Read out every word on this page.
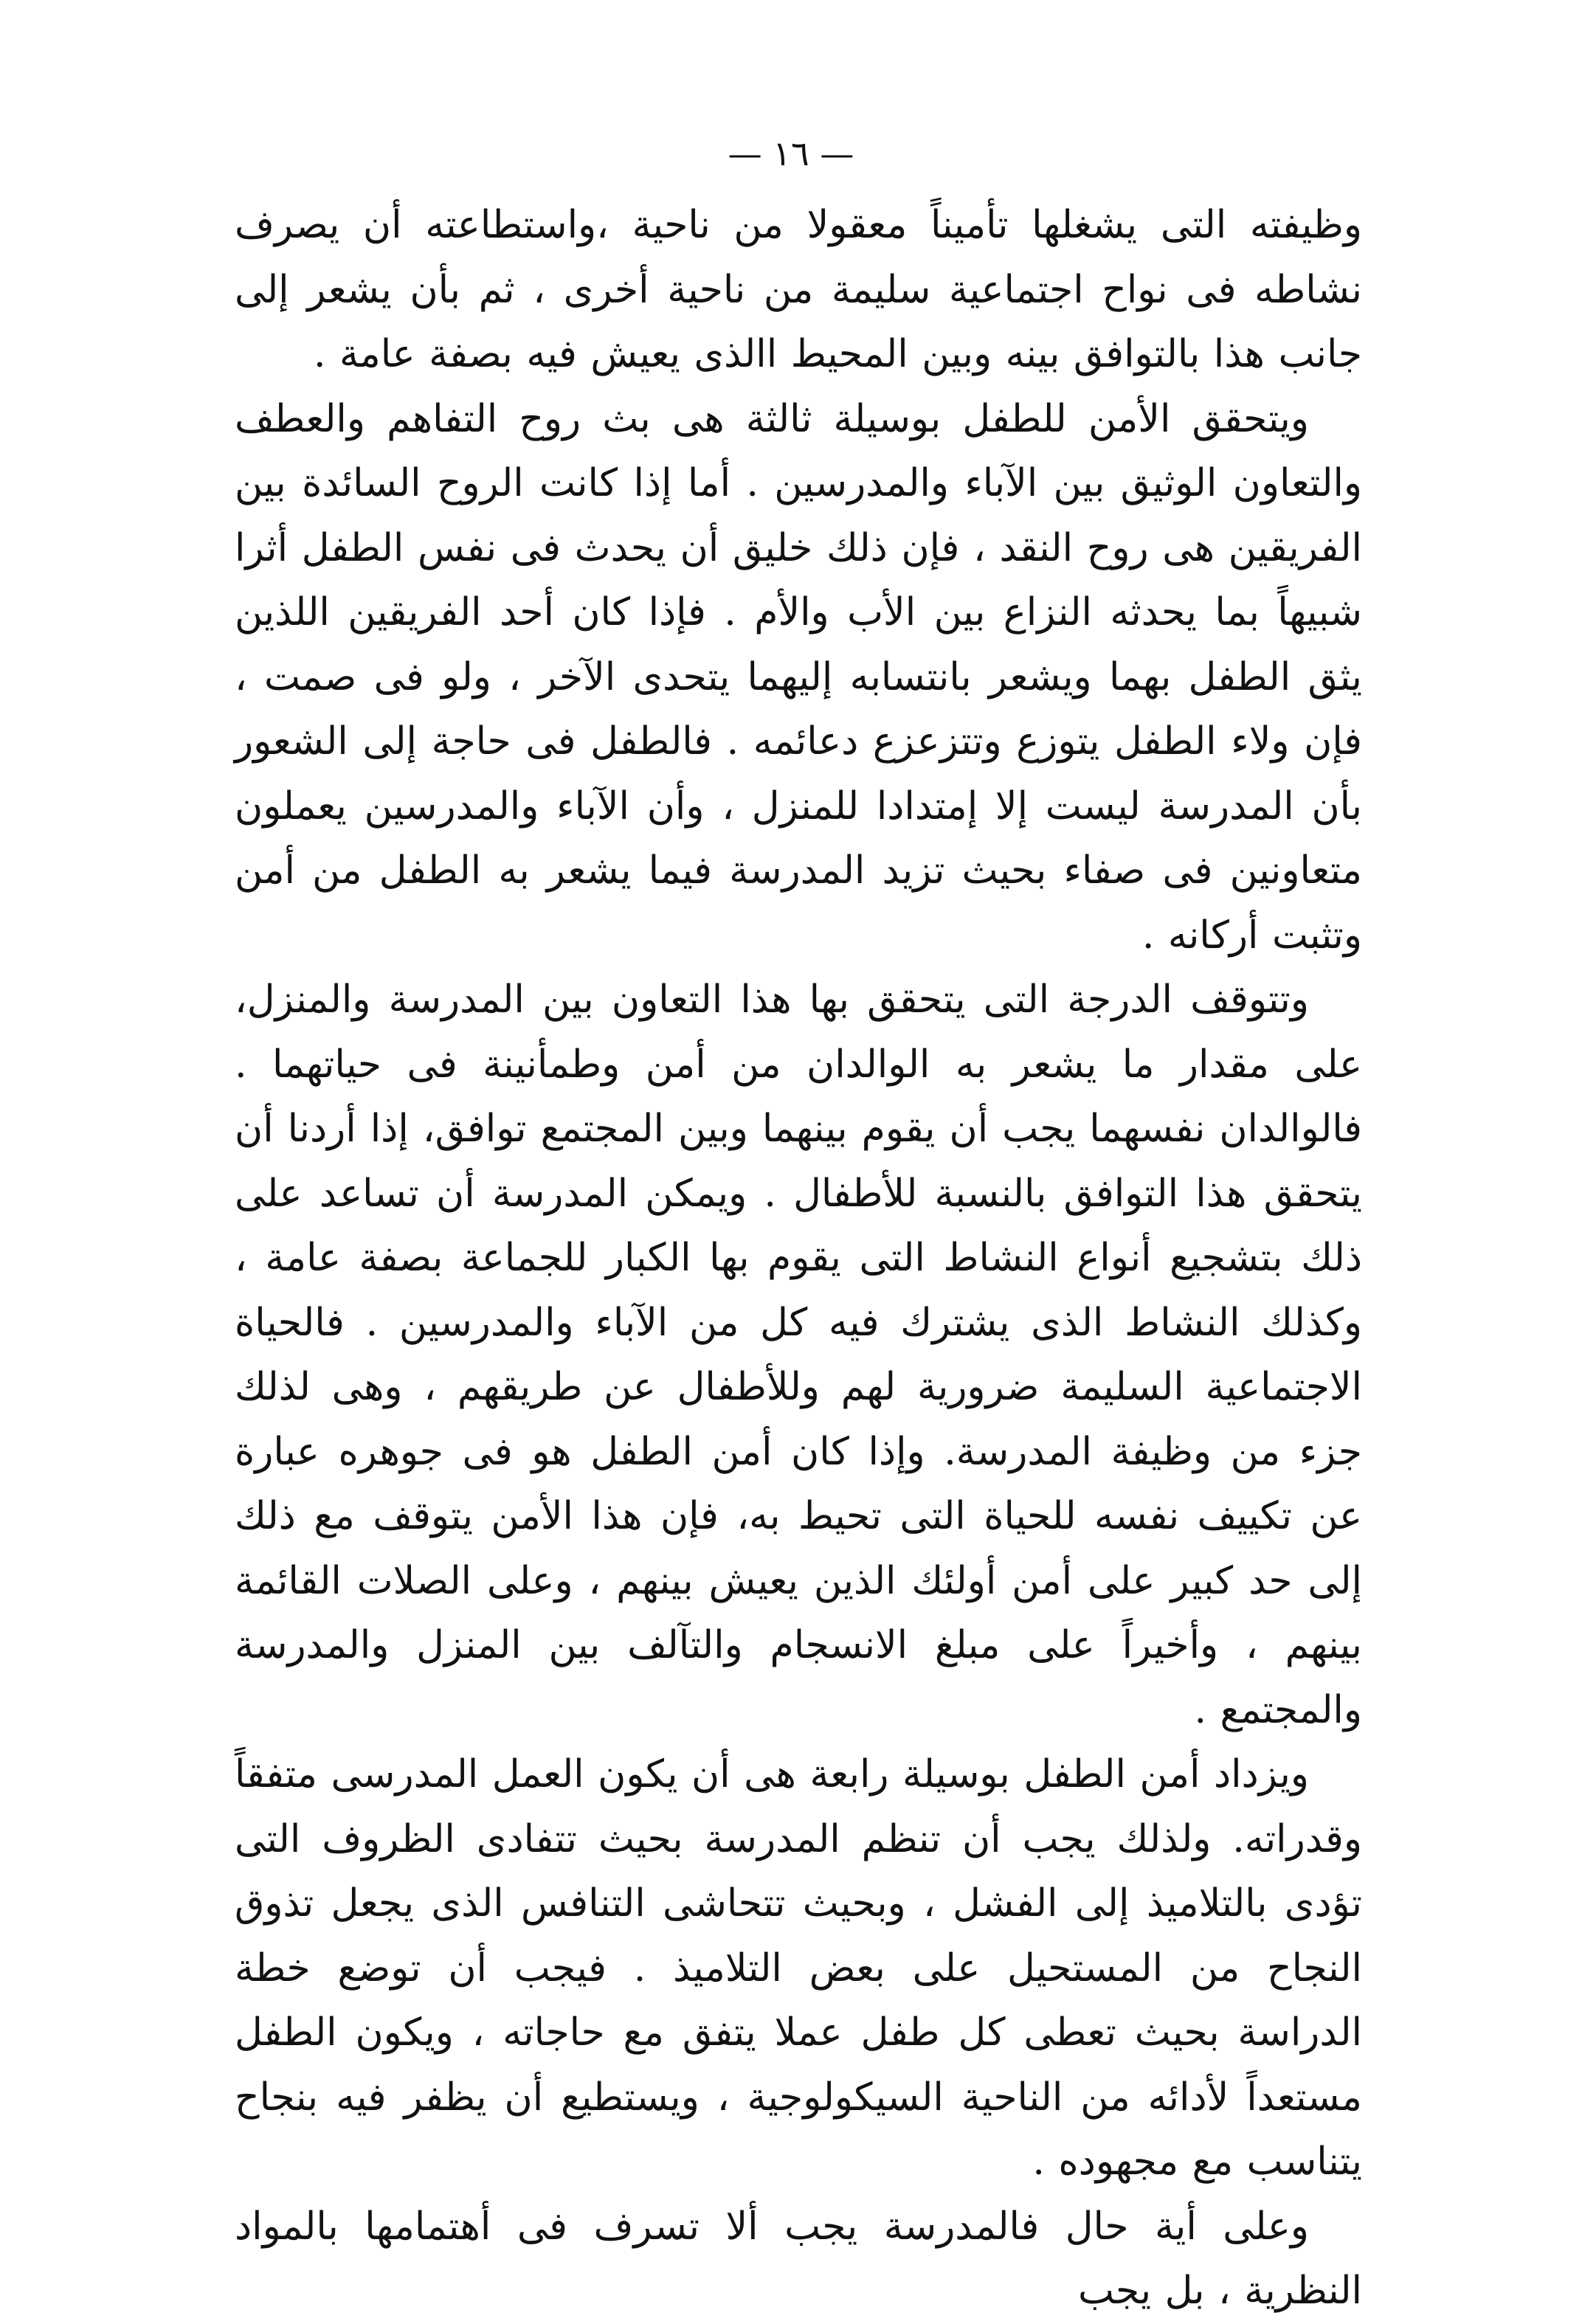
— ١٦ —

وظيفته التى يشغلها تأميناً معقولا من ناحية ،واستطاعته أن يصرف نشاطه فى نواح اجتماعية سليمة من ناحية أخرى ، ثم بأن يشعر إلى جانب هذا بالتوافق بينه وبين المحيط االذى يعيش فيه بصفة عامة .

ويتحقق الأمن للطفل بوسيلة ثالثة هى بث روح التفاهم والعطف والتعاون الوثيق بين الآباء والمدرسين . أما إذا كانت الروح السائدة بين الفريقين هى روح النقد ، فإن ذلك خليق أن يحدث فى نفس الطفل أثرا شبيهاً بما يحدثه النزاع بين الأب والأم . فإذا كان أحد الفريقين اللذين يثق الطفل بهما ويشعر بانتسابه إليهما يتحدى الآخر ، ولو فى صمت ، فإن ولاء الطفل يتوزع وتتزعزع دعائمه . فالطفل فى حاجة إلى الشعور بأن المدرسة ليست إلا إمتدادا للمنزل ، وأن الآباء والمدرسين يعملون متعاونين فى صفاء بحيث تزيد المدرسة فيما يشعر به الطفل من أمن وتثبت أركانه .

وتتوقف الدرجة التى يتحقق بها هذا التعاون بين المدرسة والمنزل، على مقدار ما يشعر به الوالدان من أمن وطمأنينة فى حياتهما . فالوالدان نفسهما يجب أن يقوم بينهما وبين المجتمع توافق، إذا أردنا أن يتحقق هذا التوافق بالنسبة للأطفال . ويمكن المدرسة أن تساعد على ذلك بتشجيع أنواع النشاط التى يقوم بها الكبار للجماعة بصفة عامة ، وكذلك النشاط الذى يشترك فيه كل من الآباء والمدرسين . فالحياة الاجتماعية السليمة ضرورية لهم وللأطفال عن طريقهم ، وهى لذلك جزء من وظيفة المدرسة. وإذا كان أمن الطفل هو فى جوهره عبارة عن تكييف نفسه للحياة التى تحيط به، فإن هذا الأمن يتوقف مع ذلك إلى حد كبير على أمن أولئك الذين يعيش بينهم ، وعلى الصلات القائمة بينهم ، وأخيراً على مبلغ الانسجام والتآلف بين المنزل والمدرسة والمجتمع .

ويزداد أمن الطفل بوسيلة رابعة هى أن يكون العمل المدرسى متفقاً وقدراته. ولذلك يجب أن تنظم المدرسة بحيث تتفادى الظروف التى تؤدى بالتلاميذ إلى الفشل ، وبحيث تتحاشى التنافس الذى يجعل تذوق النجاح من المستحيل على بعض التلاميذ . فيجب أن توضع خطة الدراسة بحيث تعطى كل طفل عملا يتفق مع حاجاته ، ويكون الطفل مستعداً لأدائه من الناحية السيكولوجية ، ويستطيع أن يظفر فيه بنجاح يتناسب مع مجهوده .

وعلى أية حال فالمدرسة يجب ألا تسرف فى أهتمامها بالمواد النظرية ، بل يجب
